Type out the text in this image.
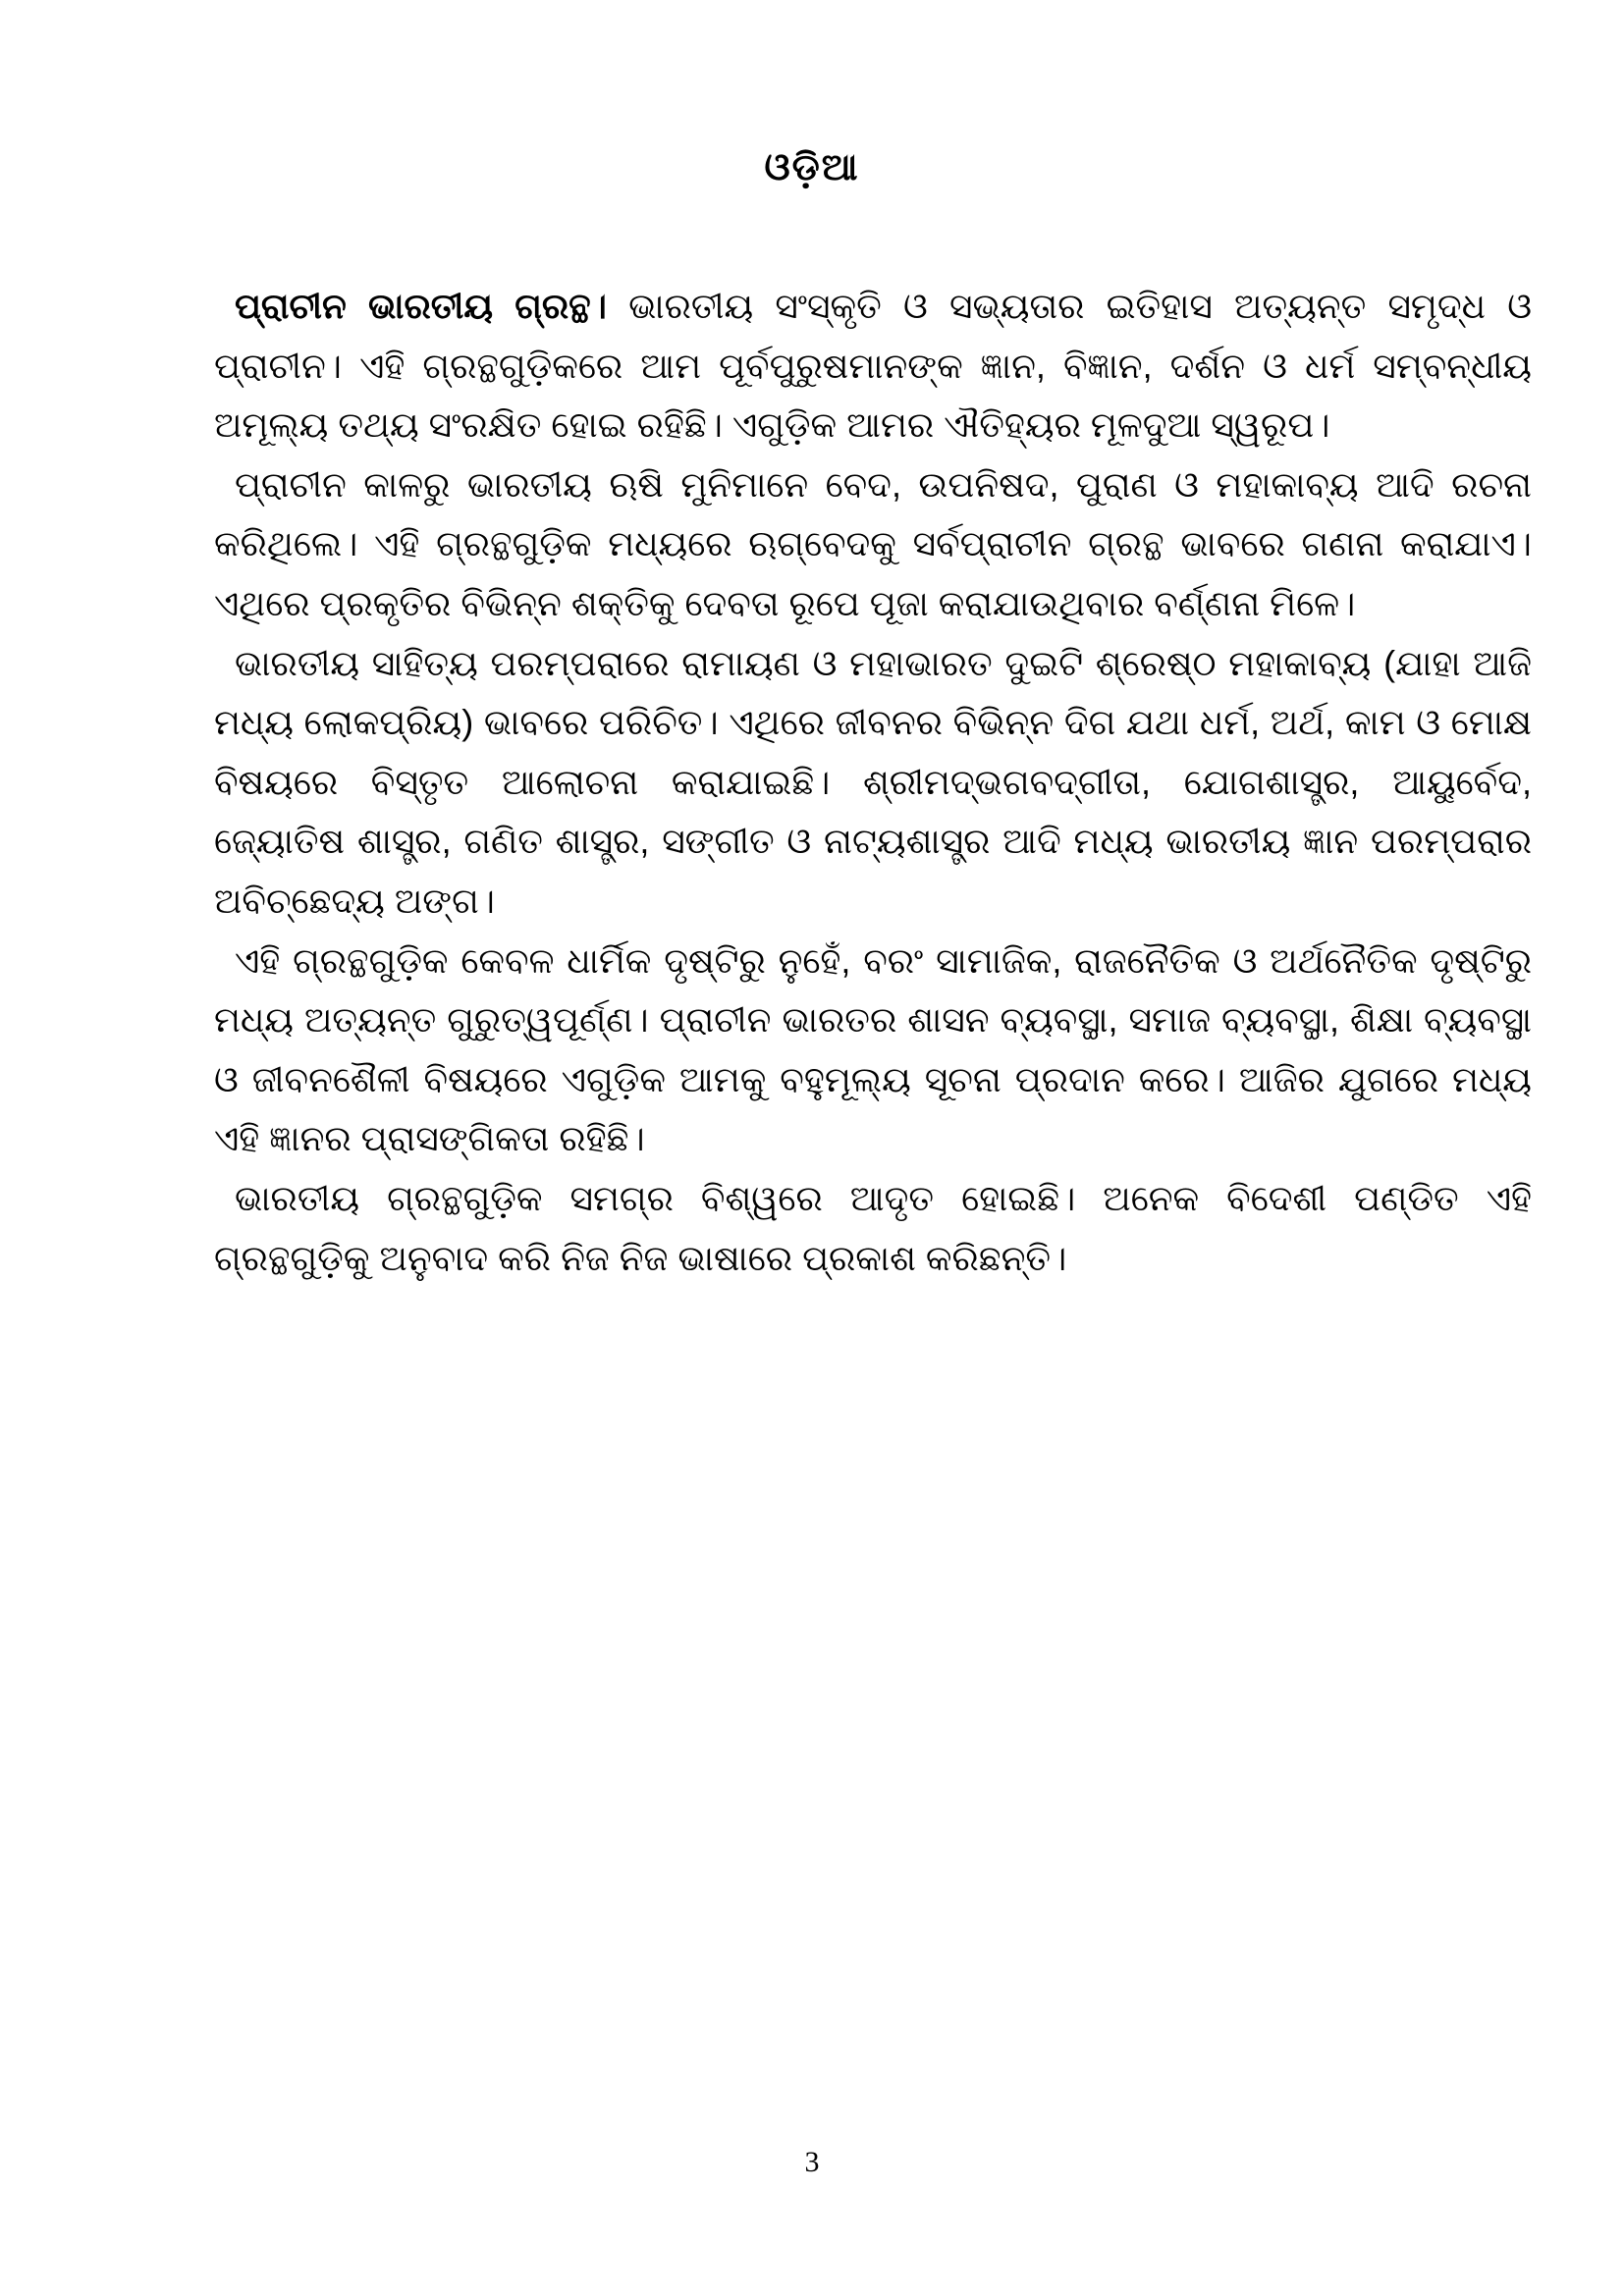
ଓଡ଼ିଆ

ପ୍ରାଚୀନ ଭାରତୀୟ ଗ୍ରନ୍ଥ। ଭାରତୀୟ ସଂସ୍କୃତି ଓ ସଭ୍ୟତାର ଇତିହାସ ଅତ୍ୟନ୍ତ ସମୃଦ୍ଧ ଓ ପ୍ରାଚୀନ। ଏହି ଗ୍ରନ୍ଥଗୁଡ଼ିକରେ ଆମ ପୂର୍ବପୁରୁଷମାନଙ୍କ ଜ୍ଞାନ, ବିଜ୍ଞାନ, ଦର୍ଶନ ଓ ଧର୍ମ ସମ୍ବନ୍ଧୀୟ ଅମୂଲ୍ୟ ତଥ୍ୟ ସଂରକ୍ଷିତ ହୋଇ ରହିଛି। ଏଗୁଡ଼ିକ ଆମର ଐତିହ୍ୟର ମୂଳଦୁଆ ସ୍ୱରୂପ।

ପ୍ରାଚୀନ କାଳରୁ ଭାରତୀୟ ଋଷି ମୁନିମାନେ ବେଦ, ଉପନିଷଦ, ପୁରାଣ ଓ ମହାକାବ୍ୟ ଆଦି ରଚନା କରିଥିଲେ। ଏହି ଗ୍ରନ୍ଥଗୁଡ଼ିକ ମଧ୍ୟରେ ଋଗ୍‌ବେଦକୁ ସର୍ବପ୍ରାଚୀନ ଗ୍ରନ୍ଥ ଭାବରେ ଗଣନା କରାଯାଏ। ଏଥିରେ ପ୍ରକୃତିର ବିଭିନ୍ନ ଶକ୍ତିକୁ ଦେବତା ରୂପେ ପୂଜା କରାଯାଉଥିବାର ବର୍ଣ୍ଣନା ମିଳେ।

ଭାରତୀୟ ସାହିତ୍ୟ ପରମ୍ପରାରେ ରାମାୟଣ ଓ ମହାଭାରତ ଦୁଇଟି ଶ୍ରେଷ୍ଠ ମହାକାବ୍ୟ (ଯାହା ଆଜି ମଧ୍ୟ ଲୋକପ୍ରିୟ) ଭାବରେ ପରିଚିତ। ଏଥିରେ ଜୀବନର ବିଭିନ୍ନ ଦିଗ ଯଥା ଧର୍ମ, ଅର୍ଥ, କାମ ଓ ମୋକ୍ଷ ବିଷୟରେ ବିସ୍ତୃତ ଆଲୋଚନା କରାଯାଇଛି। ଶ୍ରୀମଦ୍‌ଭଗବଦ୍‌ଗୀତା, ଯୋଗଶାସ୍ତ୍ର, ଆୟୁର୍ବେଦ, ଜ୍ୟୋତିଷ ଶାସ୍ତ୍ର, ଗଣିତ ଶାସ୍ତ୍ର, ସଙ୍ଗୀତ ଓ ନାଟ୍ୟଶାସ୍ତ୍ର ଆଦି ମଧ୍ୟ ଭାରତୀୟ ଜ୍ଞାନ ପରମ୍ପରାର ଅବିଚ୍ଛେଦ୍ୟ ଅଙ୍ଗ।

ଏହି ଗ୍ରନ୍ଥଗୁଡ଼ିକ କେବଳ ଧାର୍ମିକ ଦୃଷ୍ଟିରୁ ନୁହେଁ, ବରଂ ସାମାଜିକ, ରାଜନୈତିକ ଓ ଅର୍ଥନୈତିକ ଦୃଷ୍ଟିରୁ ମଧ୍ୟ ଅତ୍ୟନ୍ତ ଗୁରୁତ୍ୱପୂର୍ଣ୍ଣ। ପ୍ରାଚୀନ ଭାରତର ଶାସନ ବ୍ୟବସ୍ଥା, ସମାଜ ବ୍ୟବସ୍ଥା, ଶିକ୍ଷା ବ୍ୟବସ୍ଥା ଓ ଜୀବନଶୈଳୀ ବିଷୟରେ ଏଗୁଡ଼ିକ ଆମକୁ ବହୁମୂଲ୍ୟ ସୂଚନା ପ୍ରଦାନ କରେ। ଆଜିର ଯୁଗରେ ମଧ୍ୟ ଏହି ଜ୍ଞାନର ପ୍ରାସଙ୍ଗିକତା ରହିଛି।

ଭାରତୀୟ ଗ୍ରନ୍ଥଗୁଡ଼ିକ ସମଗ୍ର ବିଶ୍ୱରେ ଆଦୃତ ହୋଇଛି। ଅନେକ ବିଦେଶୀ ପଣ୍ଡିତ ଏହି ଗ୍ରନ୍ଥଗୁଡ଼ିକୁ ଅନୁବାଦ କରି ନିଜ ନିଜ ଭାଷାରେ ପ୍ରକାଶ କରିଛନ୍ତି।

3
